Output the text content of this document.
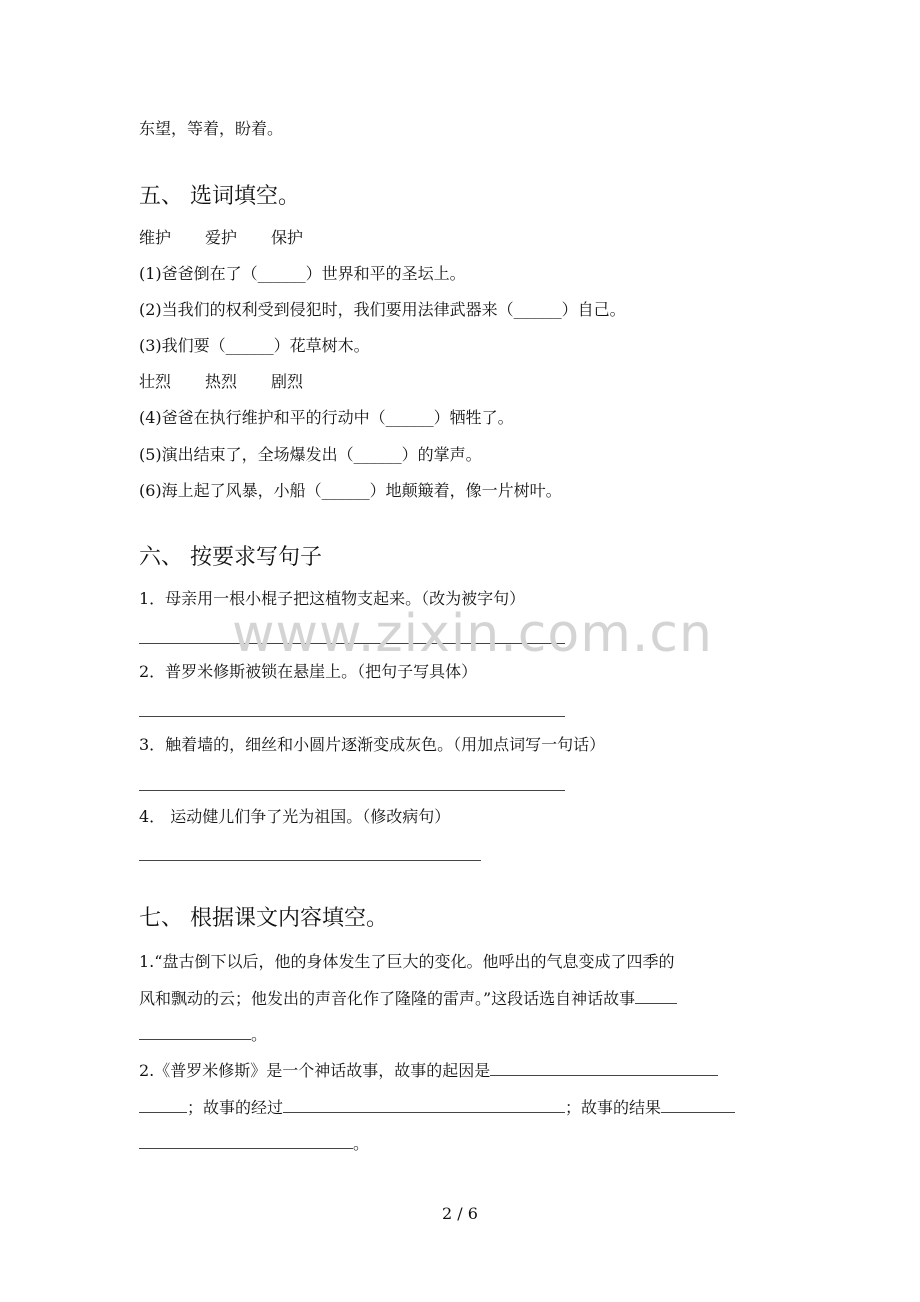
东望，等着，盼着。
五、 选词填空。
维护 爱护 保护
(1)爸爸倒在了（______）世界和平的圣坛上。
(2)当我们的权利受到侵犯时，我们要用法律武器来（______）自己。
(3)我们要（______）花草树木。
壮烈 热烈 剧烈
(4)爸爸在执行维护和平的行动中（______）牺牲了。
(5)演出结束了，全场爆发出（______）的掌声。
(6)海上起了风暴，小船（______）地颠簸着，像一片树叶。
六、 按要求写句子
1．母亲用一根小棍子把这植物支起来。（改为被字句）
2．普罗米修斯被锁在悬崖上。（把句子写具体）
3．触着墙的，细丝和小圆片逐渐变成灰色。（用加点词写一句话）
4． 运动健儿们争了光为祖国。（修改病句）
七、 根据课文内容填空。
1.“盘古倒下以后，他的身体发生了巨大的变化。他呼出的气息变成了四季的
风和飘动的云；他发出的声音化作了隆隆的雷声。”这段话选自神话故事
。
2.《普罗米修斯》是一个神话故事，故事的起因是
；故事的经过	；故事的结果
。
www.zixin.com.cn
2 / 6
